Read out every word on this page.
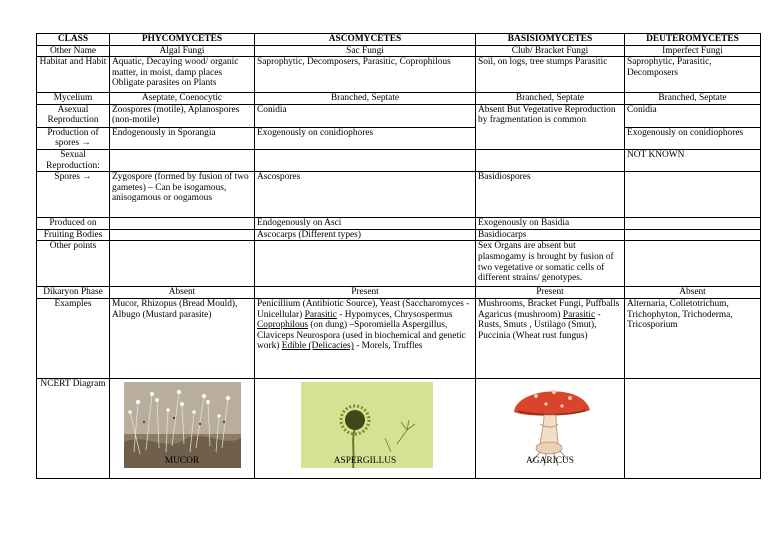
CLASS	PHYCOMYCETES	ASCOMYCETES	BASISIOMYCETES	DEUTEROMYCETES
Other Name	Algal Fungi	Sac Fungi	Club/ Bracket Fungi	Imperfect Fungi
Habitat and Habit	Aquatic, Decaying wood/ organic matter, in moist, damp places Obligate parasites on Plants	Saprophytic, Decomposers, Parasitic, Coprophilous	Soil, on logs, tree stumps Parasitic	Saprophytic, Parasitic, Decomposers
Mycelium	Aseptate, Coenocytic	Branched, Septate	Branched, Septate	Branched, Septate
Asexual Reproduction	Zoospores (motile), Aplanospores (non-motile)	Conidia	Absent But Vegetative Reproduction by fragmentation is common	Conidia
Production of spores →	Endogenously in Sporangia	Exogenously on conidiophores		Exogenously on conidiophores
Sexual Reproduction:				NOT KNOWN
Spores →	Zygospore (formed by fusion of two gametes) – Can be isogamous, anisogamous or oogamous	Ascospores	Basidiospores	
Produced on		Endogenously on Asci	Exogenously on Basidia	
Fruiting Bodies		Ascocarps (Different types)	Basidiocarps	
Other points			Sex Organs are absent but plasmogamy is brought by fusion of two vegetative or somatic cells of different strains/ genotypes.	
Dikaryon Phase	Absent	Present	Present	Absent
Examples	Mucor, Rhizopus (Bread Mould), Albugo (Mustard parasite)	Penicillium (Antibiotic Source), Yeast (Saccharomyces - Unicellular) Parasitic - Hypomyces, Chrysospermus Coprophilous (on dung) –Sporomiella Aspergillus, Claviceps Neurospora (used in biochemical and genetic work) Edible (Delicacies) - Morels, Truffles	Mushrooms, Bracket Fungi, Puffballs Agaricus (mushroom) Parasitic - Rusts, Smuts , Ustilago (Smut), Puccinia (Wheat rust fungus)	Alternaria, Colletotrichum, Trichophyton, Trichoderma, Tricosporium
NCERT Diagram	MUCOR	ASPERGILLUS	AGARICUS	
